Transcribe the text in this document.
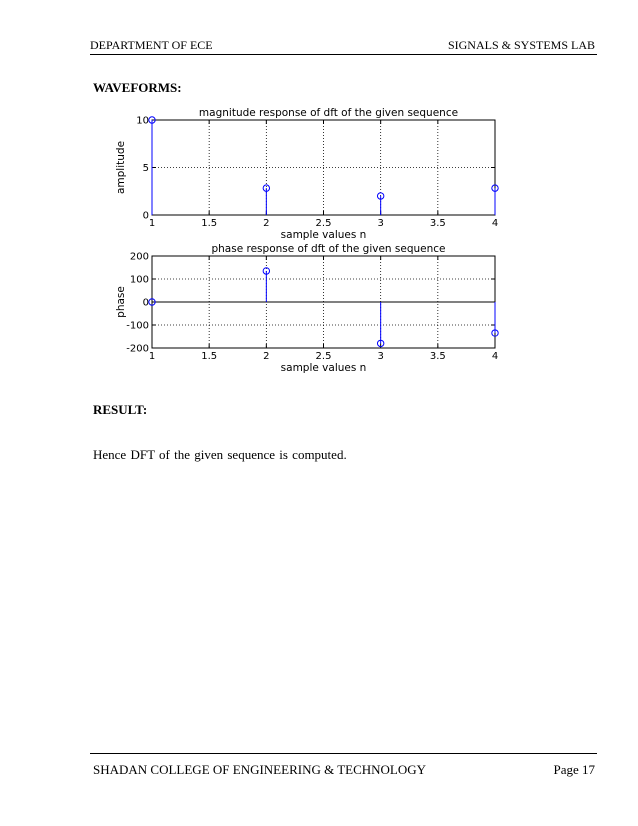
DEPARTMENT OF ECE	SIGNALS & SYSTEMS LAB
WAVEFORMS:
1	1.5	2	2.5	3	3.5	4
0
5
10
magnitude response of dft of the given sequence
sample values n
amplitude
1	1.5	2	2.5	3	3.5	4
-200
-100
0
100
200
phase response of dft of the given sequence
sample values n
phase
RESULT:
Hence DFT of the given sequence is computed.
SHADAN COLLEGE OF ENGINEERING & TECHNOLOGY	Page 17
